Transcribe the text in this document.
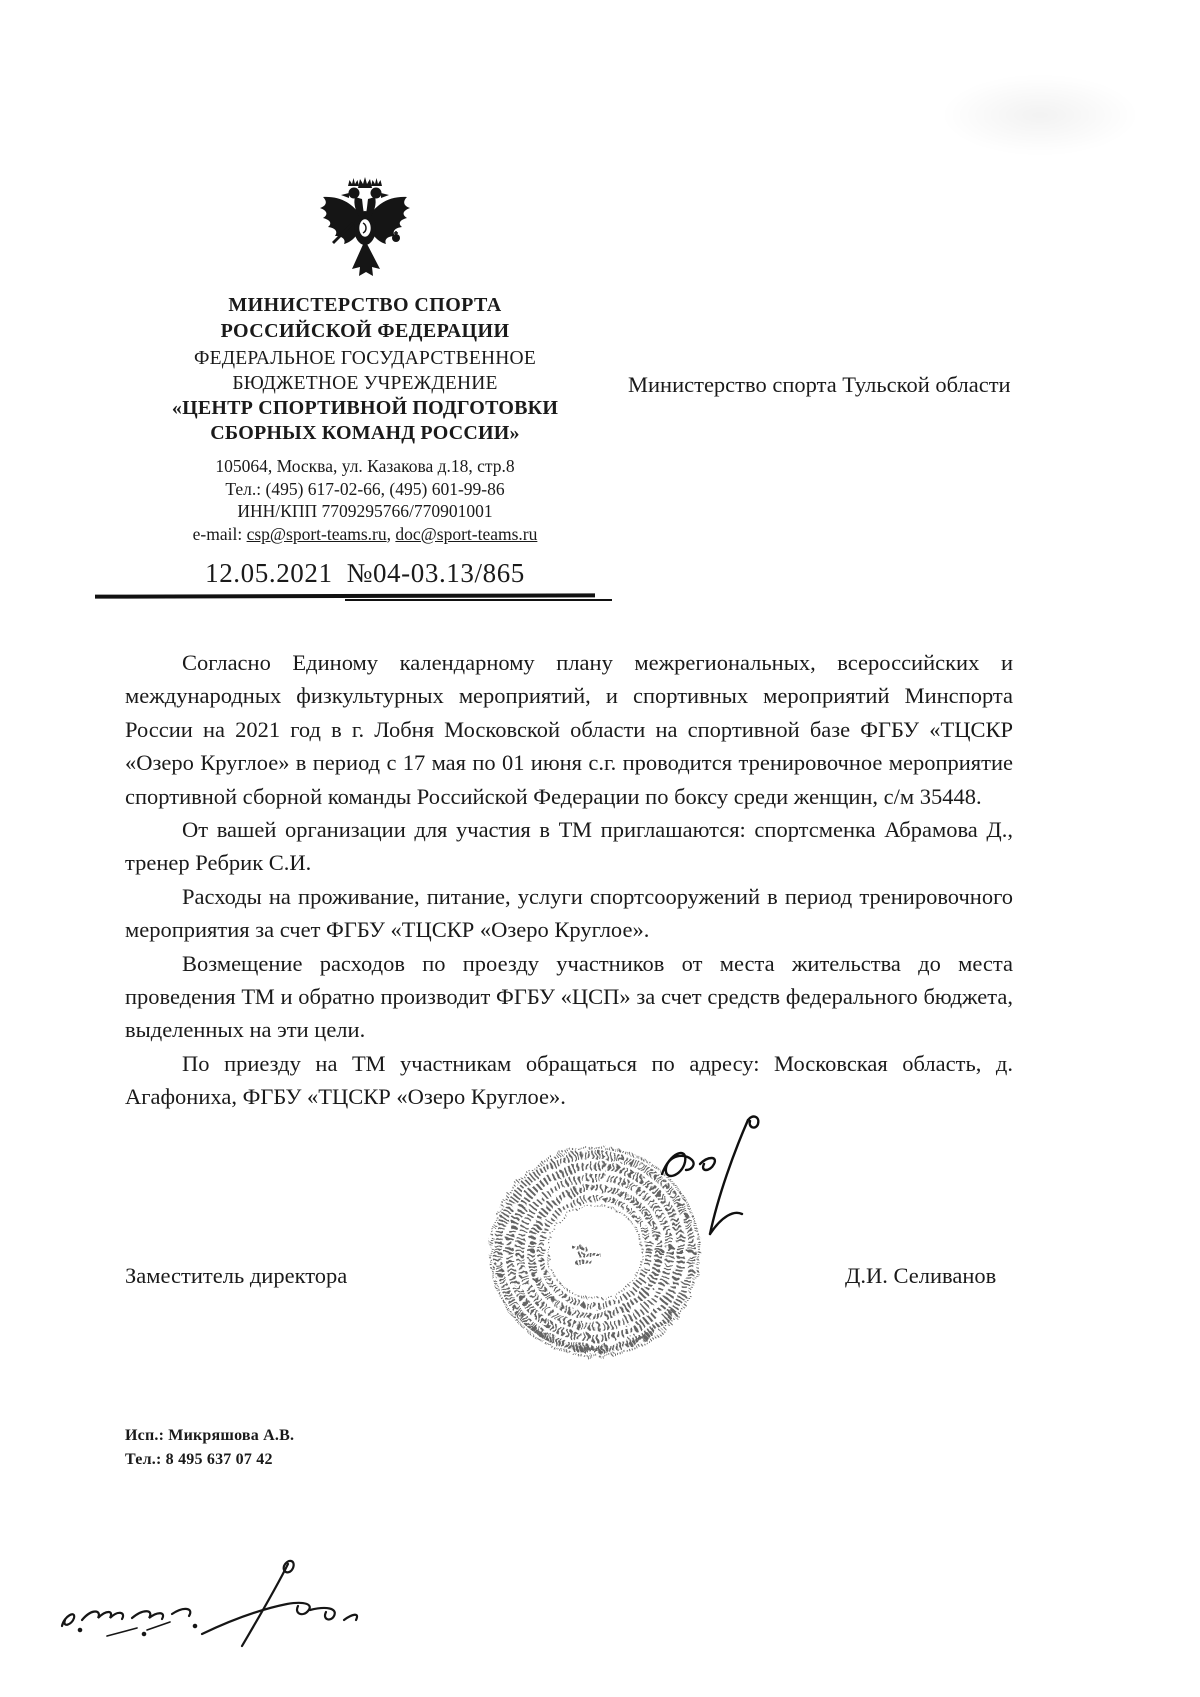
МИНИСТЕРСТВО СПОРТА
РОССИЙСКОЙ ФЕДЕРАЦИИ
ФЕДЕРАЛЬНОЕ ГОСУДАРСТВЕННОЕ
БЮДЖЕТНОЕ УЧРЕЖДЕНИЕ
«ЦЕНТР СПОРТИВНОЙ ПОДГОТОВКИ
СБОРНЫХ КОМАНД РОССИИ»
105064, Москва, ул. Казакова д.18, стр.8
Тел.: (495) 617-02-66, (495) 601-99-86
ИНН/КПП 7709295766/770901001
e-mail: csp@sport-teams.ru, doc@sport-teams.ru
12.05.2021 №04-03.13/865
Министерство спорта Тульской области

Согласно Единому календарному плану межрегиональных, всероссийских и международных физкультурных мероприятий, и спортивных мероприятий Минспорта России на 2021 год в г. Лобня Московской области на спортивной базе ФГБУ «ТЦСКР «Озеро Круглое» в период с 17 мая по 01 июня с.г. проводится тренировочное мероприятие спортивной сборной команды Российской Федерации по боксу среди женщин, с/м 35448.

От вашей организации для участия в ТМ приглашаются: спортсменка Абрамова Д., тренер Ребрик С.И.

Расходы на проживание, питание, услуги спортсооружений в период тренировочного мероприятия за счет ФГБУ «ТЦСКР «Озеро Круглое».

Возмещение расходов по проезду участников от места жительства до места проведения ТМ и обратно производит ФГБУ «ЦСП» за счет средств федерального бюджета, выделенных на эти цели.

По приезду на ТМ участникам обращаться по адресу: Московская область, д. Агафониха, ФГБУ «ТЦСКР «Озеро Круглое».

Заместитель директора	Д.И. Селиванов
Исп.: Микряшова А.В.
Тел.: 8 495 637 07 42
